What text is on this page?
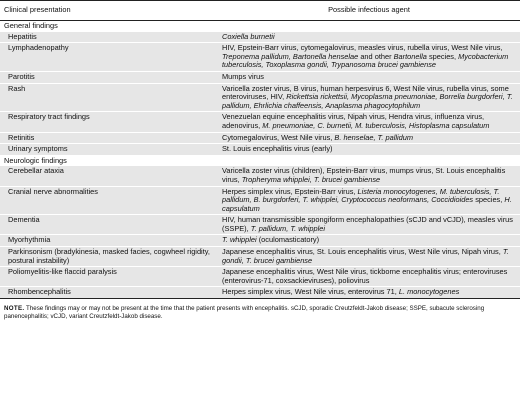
Clinical presentation	Possible infectious agent
General findings	
Hepatitis	Coxiella burnetii
Lymphadenopathy	HIV, Epstein-Barr virus, cytomegalovirus, measles virus, rubella virus, West Nile virus, Treponema pallidum, Bartonella henselae and other Bartonella species, Mycobacterium tuberculosis, Toxoplasma gondii, Trypanosoma brucei gambiense
Parotitis	Mumps virus
Rash	Varicella zoster virus, B virus, human herpesvirus 6, West Nile virus, rubella virus, some enteroviruses, HIV, Rickettsia rickettsii, Mycoplasma pneumoniae, Borrelia burgdorferi, T. pallidum, Ehrlichia chaffeensis, Anaplasma phagocytophilum
Respiratory tract findings	Venezuelan equine encephalitis virus, Nipah virus, Hendra virus, influenza virus, adenovirus, M. pneumoniae, C. burnetii, M. tuberculosis, Histoplasma capsulatum
Retinitis	Cytomegalovirus, West Nile virus, B. henselae, T. pallidum
Urinary symptoms	St. Louis encephalitis virus (early)
Neurologic findings	
Cerebellar ataxia	Varicella zoster virus (children), Epstein-Barr virus, mumps virus, St. Louis encephalitis virus, Tropheryma whipplei, T. brucei gambiense
Cranial nerve abnormalities	Herpes simplex virus, Epstein-Barr virus, Listeria monocytogenes, M. tuberculosis, T. pallidum, B. burgdorferi, T. whipplei, Cryptococcus neoformans, Coccidioides species, H. capsulatum
Dementia	HIV, human transmissible spongiform encephalopathies (sCJD and vCJD), measles virus (SSPE), T. pallidum, T. whipplei
Myorhythmia	T. whipplei (oculomasticatory)
Parkinsonism (bradykinesia, masked facies, cogwheel rigidity, postural instability)	Japanese encephalitis virus, St. Louis encephalitis virus, West Nile virus, Nipah virus, T. gondii, T. brucei gambiense
Poliomyelitis-like flaccid paralysis	Japanese encephalitis virus, West Nile virus, tickborne encephalitis virus; enteroviruses (enterovirus-71, coxsackieviruses), poliovirus
Rhombencephalitis	Herpes simplex virus, West Nile virus, enterovirus 71, L. monocytogenes
NOTE. These findings may or may not be present at the time that the patient presents with encephalitis. sCJD, sporadic Creutzfeldt-Jakob disease; SSPE, subacute sclerosing panencephalitis; vCJD, variant Creutzfeldt-Jakob disease.
